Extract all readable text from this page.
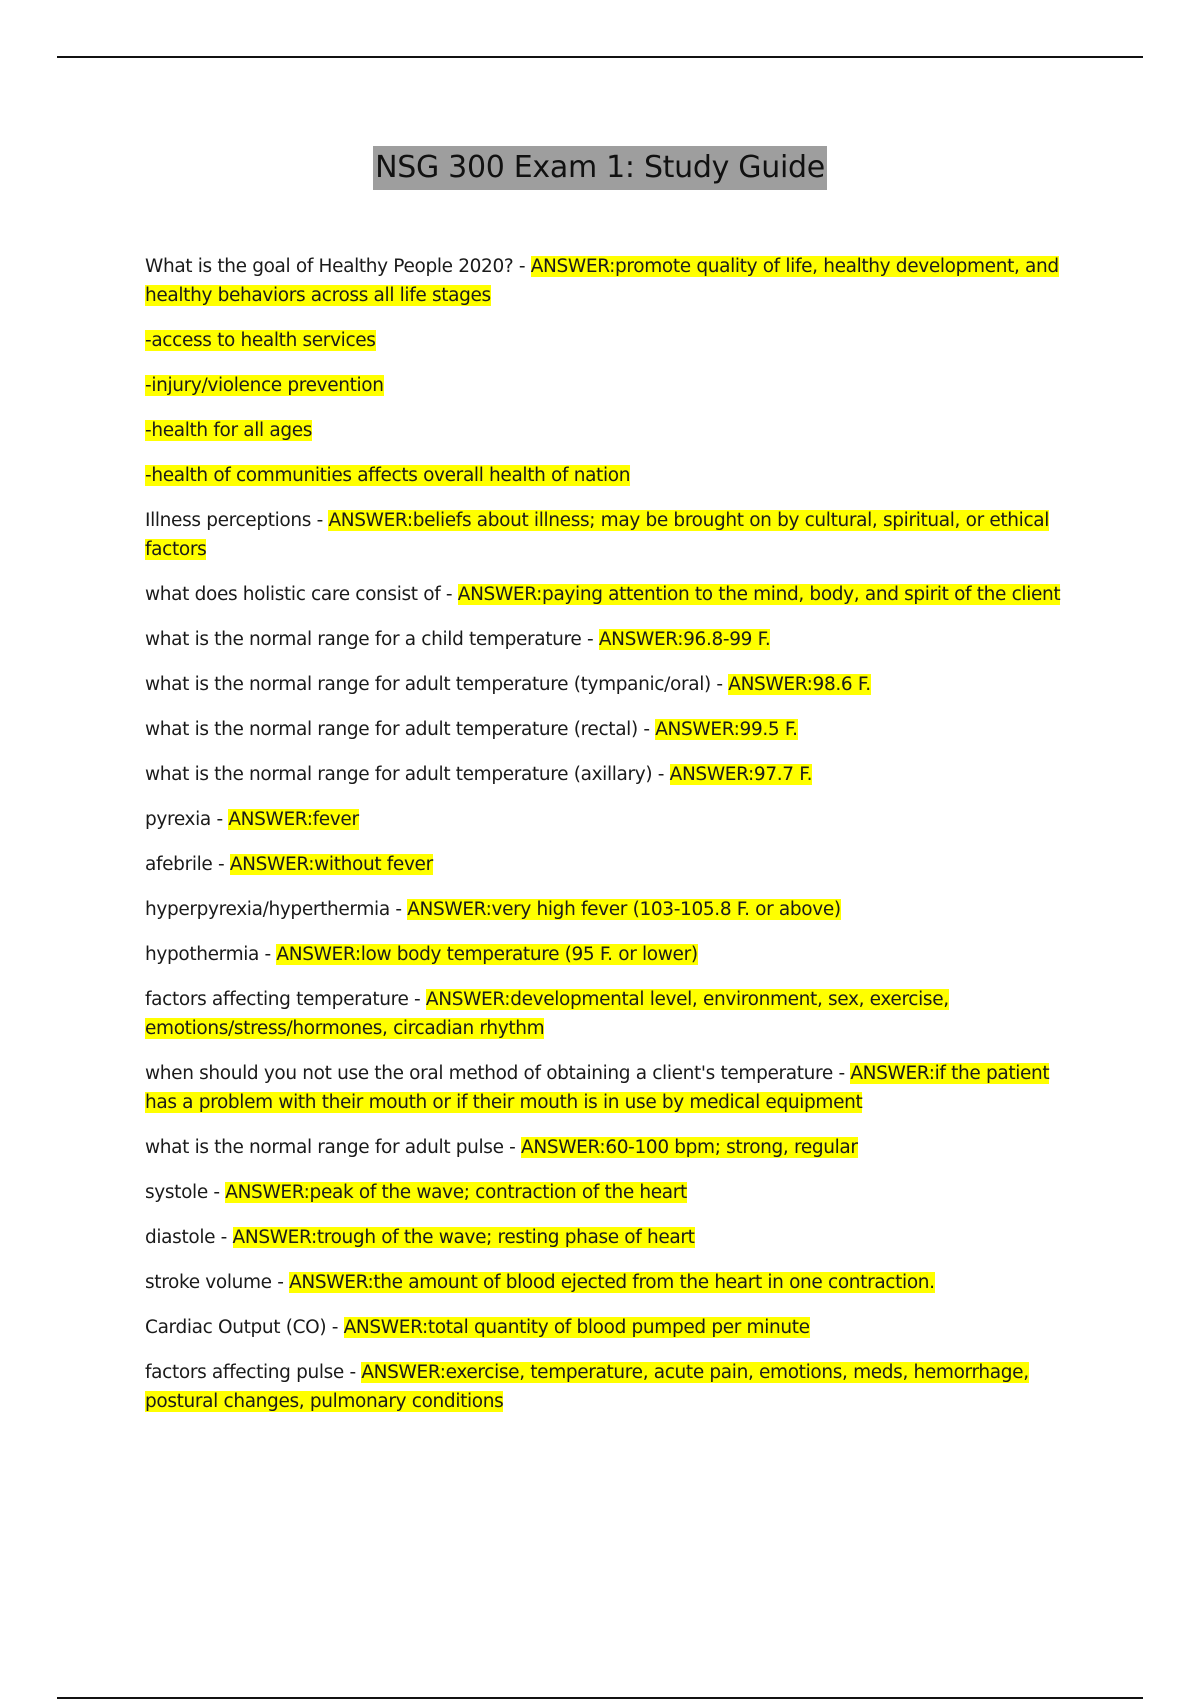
NSG 300 Exam 1: Study Guide
What is the goal of Healthy People 2020? - ANSWER:promote quality of life, healthy development, and healthy behaviors across all life stages
-access to health services
-injury/violence prevention
-health for all ages
-health of communities affects overall health of nation
Illness perceptions - ANSWER:beliefs about illness; may be brought on by cultural, spiritual, or ethical factors
what does holistic care consist of - ANSWER:paying attention to the mind, body, and spirit of the client
what is the normal range for a child temperature - ANSWER:96.8-99 F.
what is the normal range for adult temperature (tympanic/oral) - ANSWER:98.6 F.
what is the normal range for adult temperature (rectal) - ANSWER:99.5 F.
what is the normal range for adult temperature (axillary) - ANSWER:97.7 F.
pyrexia - ANSWER:fever
afebrile - ANSWER:without fever
hyperpyrexia/hyperthermia - ANSWER:very high fever (103-105.8 F. or above)
hypothermia - ANSWER:low body temperature (95 F. or lower)
factors affecting temperature - ANSWER:developmental level, environment, sex, exercise, emotions/stress/hormones, circadian rhythm
when should you not use the oral method of obtaining a client's temperature - ANSWER:if the patient has a problem with their mouth or if their mouth is in use by medical equipment
what is the normal range for adult pulse - ANSWER:60-100 bpm; strong, regular
systole - ANSWER:peak of the wave; contraction of the heart
diastole - ANSWER:trough of the wave; resting phase of heart
stroke volume - ANSWER:the amount of blood ejected from the heart in one contraction.
Cardiac Output (CO) - ANSWER:total quantity of blood pumped per minute
factors affecting pulse - ANSWER:exercise, temperature, acute pain, emotions, meds, hemorrhage, postural changes, pulmonary conditions
